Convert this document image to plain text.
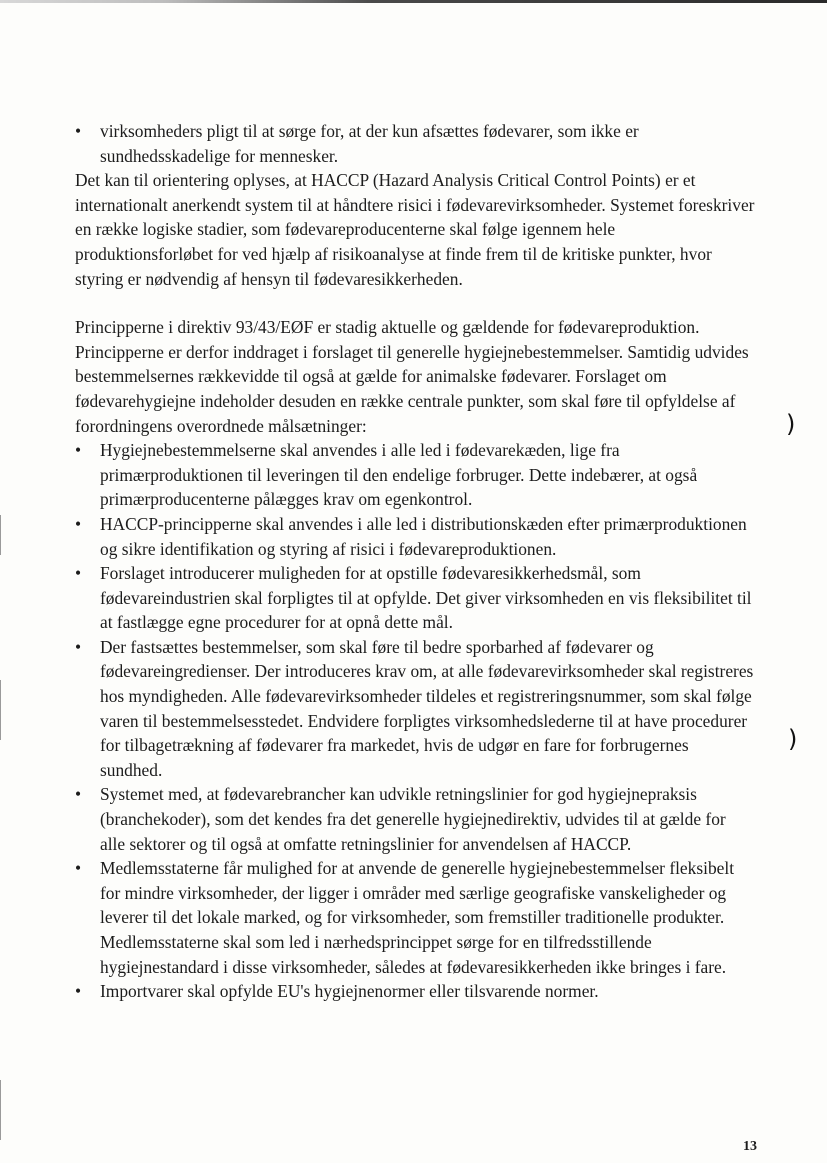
)
)
• virksomheders pligt til at sørge for, at der kun afsættes fødevarer, som ikke er sundhedsskadelige for mennesker.

Det kan til orientering oplyses, at HACCP (Hazard Analysis Critical Control Points) er et internationalt anerkendt system til at håndtere risici i fødevarevirksomheder. Systemet foreskriver en række logiske stadier, som fødevareproducenterne skal følge igennem hele produktionsforløbet for ved hjælp af risikoanalyse at finde frem til de kritiske punkter, hvor styring er nødvendig af hensyn til fødevaresikkerheden.

Principperne i direktiv 93/43/EØF er stadig aktuelle og gældende for fødevareproduktion. Principperne er derfor inddraget i forslaget til generelle hygiejnebestemmelser. Samtidig udvides bestemmelsernes rækkevidde til også at gælde for animalske fødevarer. Forslaget om fødevarehygiejne indeholder desuden en række centrale punkter, som skal føre til opfyldelse af forordningens overordnede målsætninger:

• Hygiejnebestemmelserne skal anvendes i alle led i fødevarekæden, lige fra primærproduktionen til leveringen til den endelige forbruger. Dette indebærer, at også primærproducenterne pålægges krav om egenkontrol.
• HACCP-principperne skal anvendes i alle led i distributionskæden efter primærproduktionen og sikre identifikation og styring af risici i fødevareproduktionen.
• Forslaget introducerer muligheden for at opstille fødevaresikkerhedsmål, som fødevareindustrien skal forpligtes til at opfylde. Det giver virksomheden en vis fleksibilitet til at fastlægge egne procedurer for at opnå dette mål.
• Der fastsættes bestemmelser, som skal føre til bedre sporbarhed af fødevarer og fødevareingredienser. Der introduceres krav om, at alle fødevarevirksomheder skal registreres hos myndigheden. Alle fødevarevirksomheder tildeles et registreringsnummer, som skal følge varen til bestemmelsesstedet. Endvidere forpligtes virksomhedslederne til at have procedurer for tilbagetrækning af fødevarer fra markedet, hvis de udgør en fare for forbrugernes sundhed.
• Systemet med, at fødevarebrancher kan udvikle retningslinier for god hygiejnepraksis (branchekoder), som det kendes fra det generelle hygiejnedirektiv, udvides til at gælde for alle sektorer og til også at omfatte retningslinier for anvendelsen af HACCP.
• Medlemsstaterne får mulighed for at anvende de generelle hygiejnebestemmelser fleksibelt for mindre virksomheder, der ligger i områder med særlige geografiske vanskeligheder og leverer til det lokale marked, og for virksomheder, som fremstiller traditionelle produkter. Medlemsstaterne skal som led i nærhedsprincippet sørge for en tilfredsstillende hygiejnestandard i disse virksomheder, således at fødevaresikkerheden ikke bringes i fare.
• Importvarer skal opfylde EU's hygiejnenormer eller tilsvarende normer.
13
